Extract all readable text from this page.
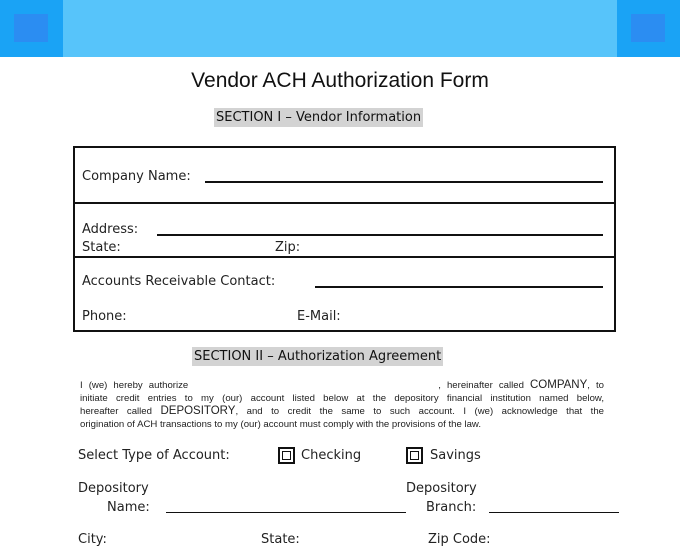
Vendor ACH Authorization Form
SECTION I – Vendor Information
Company Name:
Address:
State:	Zip:
Accounts Receivable Contact:
Phone:	E-Mail:
SECTION II – Authorization Agreement
I (we) hereby authorize	, hereinafter called COMPANY, to
initiate credit entries to my (our) account listed below at the depository financial institution named below,
hereafter called DEPOSITORY, and to credit the same to such account. I (we) acknowledge that the
origination of ACH transactions to my (our) account must comply with the provisions of the law.
Select Type of Account:	Checking	Savings
Depository
Name:
Depository
Branch:
City:	State:	Zip Code:
